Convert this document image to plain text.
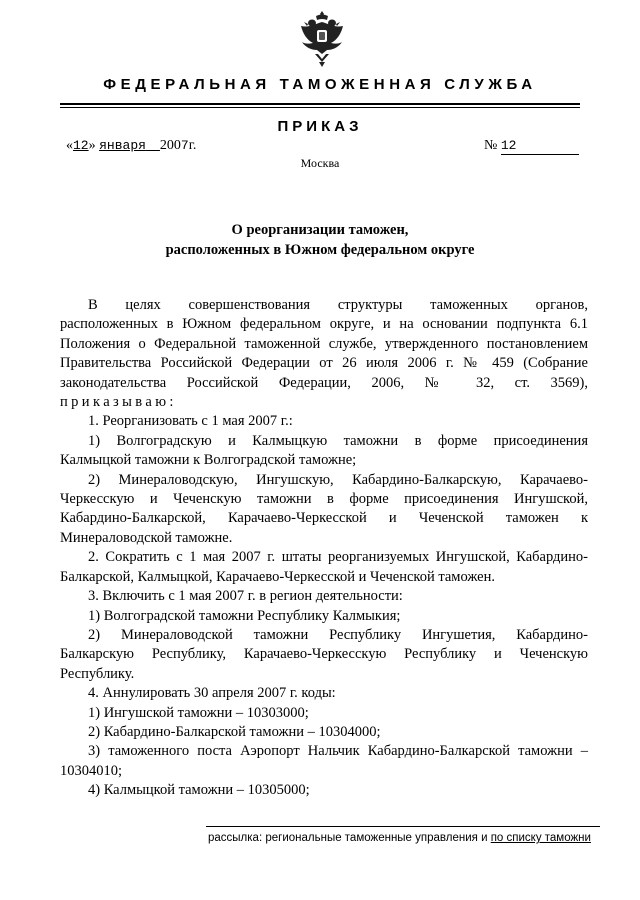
ФЕДЕРАЛЬНАЯ ТАМОЖЕННАЯ СЛУЖБА
ПРИКАЗ
«12» января 2007г.	№ 12
Москва
О реорганизации таможен,
расположенных в Южном федеральном округе

В целях совершенствования структуры таможенных органов,

расположенных в Южном федеральном округе, и на основании подпункта 6.1

Положения о Федеральной таможенной службе, утвержденного постановлением

Правительства Российской Федерации от 26 июля 2006 г. № 459 (Собрание

законодательства Российской Федерации, 2006, № 32, ст. 3569),

приказываю:

1. Реорганизовать с 1 мая 2007 г.:

1) Волгоградскую и Калмыцкую таможни в форме присоединения

Калмыцкой таможни к Волгоградской таможне;

2) Минераловодскую, Ингушскую, Кабардино-Балкарскую, Карачаево-

Черкесскую и Чеченскую таможни в форме присоединения Ингушской,

Кабардино-Балкарской, Карачаево-Черкесской и Чеченской таможен к

Минераловодской таможне.

2. Сократить с 1 мая 2007 г. штаты реорганизуемых Ингушской, Кабардино-

Балкарской, Калмыцкой, Карачаево-Черкесской и Чеченской таможен.

3. Включить с 1 мая 2007 г. в регион деятельности:

1) Волгоградской таможни Республику Калмыкия;

2) Минераловодской таможни Республику Ингушетия, Кабардино-

Балкарскую Республику, Карачаево-Черкесскую Республику и Чеченскую

Республику.

4. Аннулировать 30 апреля 2007 г. коды:

1) Ингушской таможни – 10303000;

2) Кабардино-Балкарской таможни – 10304000;

3) таможенного поста Аэропорт Нальчик Кабардино-Балкарской таможни –

10304010;

4) Калмыцкой таможни – 10305000;

рассылка: региональные таможенные управления и по списку таможни
